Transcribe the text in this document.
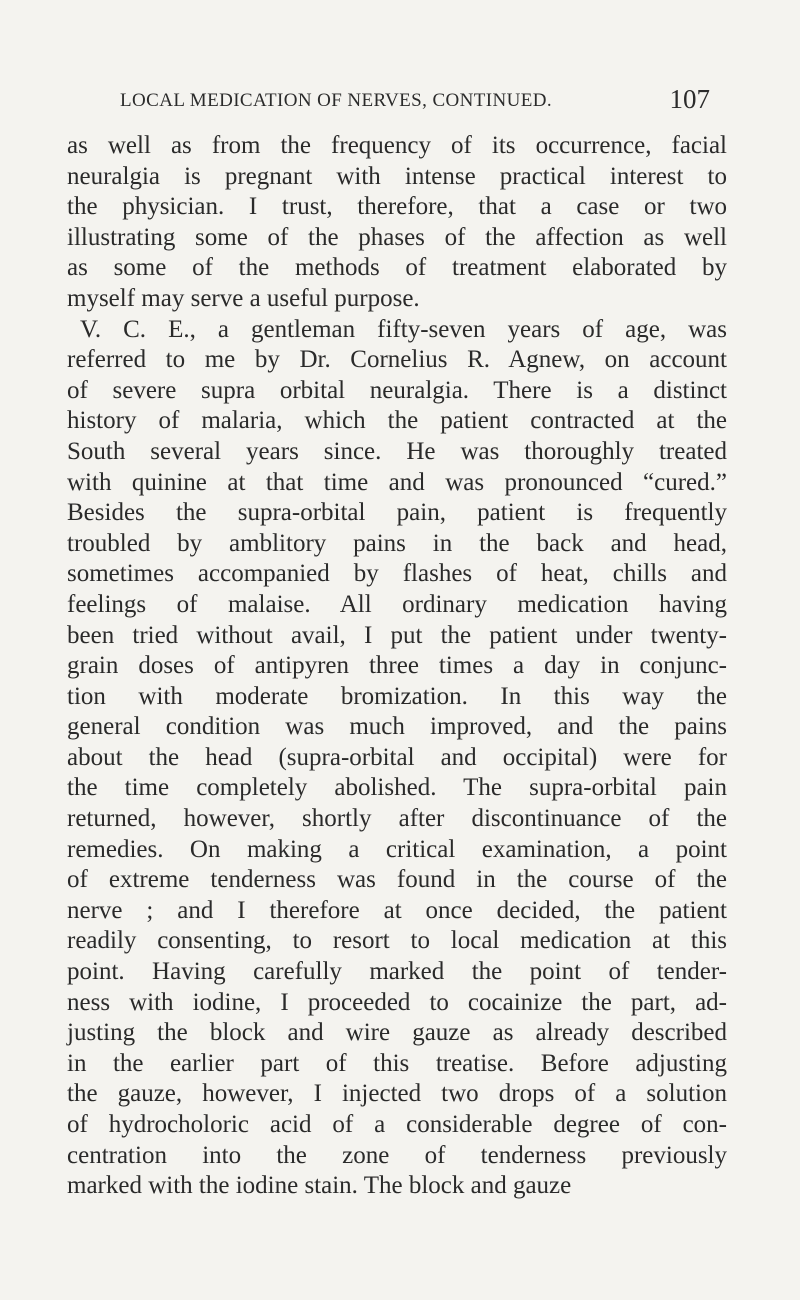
LOCAL MEDICATION OF NERVES, CONTINUED.	107
as well as from the frequency of its occurrence, facial
neuralgia is pregnant with intense practical interest to
the physician. I trust, therefore, that a case or two
illustrating some of the phases of the affection as well
as some of the methods of treatment elaborated by
myself may serve a useful purpose.
V. C. E., a gentleman fifty-seven years of age, was
referred to me by Dr. Cornelius R. Agnew, on account
of severe supra orbital neuralgia. There is a distinct
history of malaria, which the patient contracted at the
South several years since. He was thoroughly treated
with quinine at that time and was pronounced “cured.”
Besides the supra-orbital pain, patient is frequently
troubled by amblitory pains in the back and head,
sometimes accompanied by flashes of heat, chills and
feelings of malaise. All ordinary medication having
been tried without avail, I put the patient under twenty-
grain doses of antipyren three times a day in conjunc-
tion with moderate bromization. In this way the
general condition was much improved, and the pains
about the head (supra-orbital and occipital) were for
the time completely abolished. The supra-orbital pain
returned, however, shortly after discontinuance of the
remedies. On making a critical examination, a point
of extreme tenderness was found in the course of the
nerve ; and I therefore at once decided, the patient
readily consenting, to resort to local medication at this
point. Having carefully marked the point of tender-
ness with iodine, I proceeded to cocainize the part, ad-
justing the block and wire gauze as already described
in the earlier part of this treatise. Before adjusting
the gauze, however, I injected two drops of a solution
of hydrocholoric acid of a considerable degree of con-
centration into the zone of tenderness previously
marked with the iodine stain. The block and gauze
